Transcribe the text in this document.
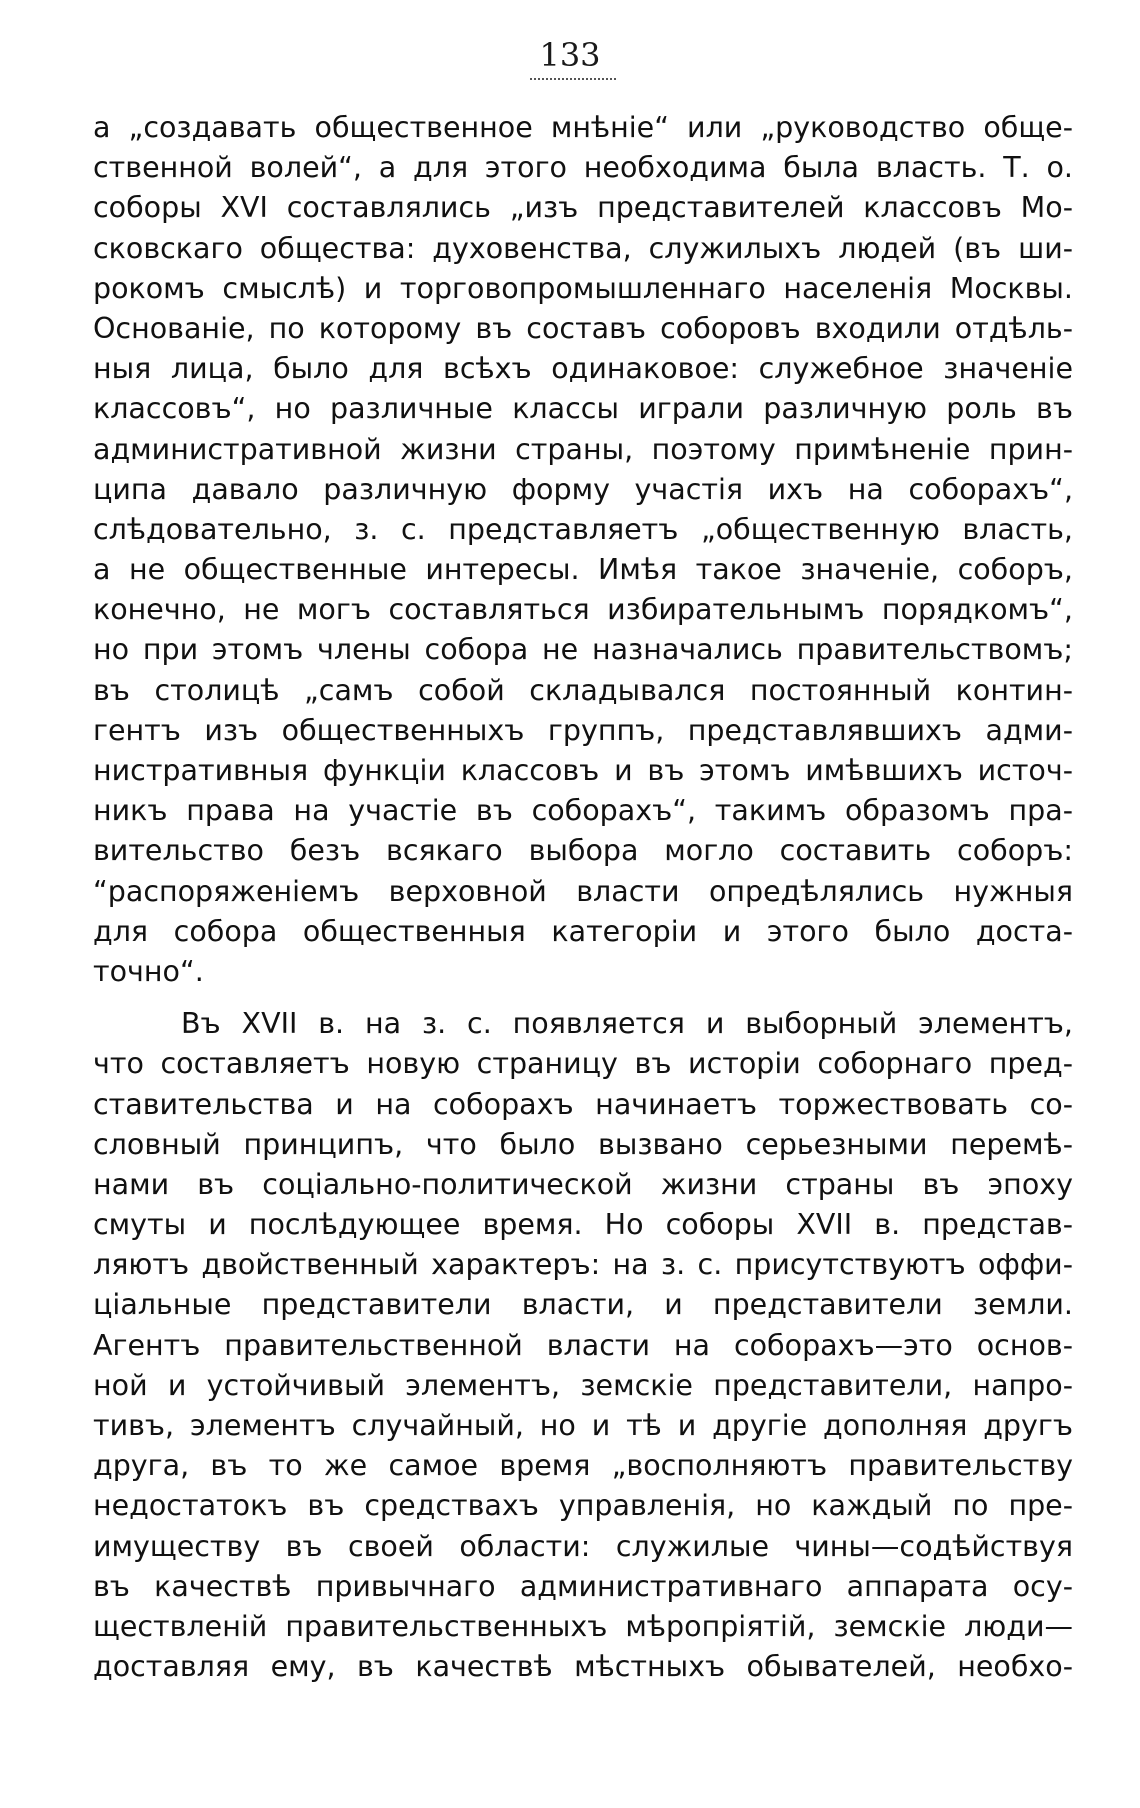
133
а „создавать общественное мнѣніе“ или „руководство обще-
ственной волей“, а для этого необходима была власть. Т. о.
соборы XVI составлялись „изъ представителей классовъ Мо-
сковскаго общества: духовенства, служилыхъ людей (въ ши-
рокомъ смыслѣ) и торговопромышленнаго населенія Москвы.
Основаніе, по которому въ составъ соборовъ входили отдѣль-
ныя лица, было для всѣхъ одинаковое: служебное значеніе
классовъ“, но различные классы играли различную роль въ
административной жизни страны, поэтому примѣненіе прин-
ципа давало различную форму участія ихъ на соборахъ“,
слѣдовательно, з. с. представляетъ „общественную власть,
а не общественные интересы. Имѣя такое значеніе, соборъ,
конечно, не могъ составляться избирательнымъ порядкомъ“,
но при этомъ члены собора не назначались правительствомъ;
въ столицѣ „самъ собой складывался постоянный контин-
гентъ изъ общественныхъ группъ, представлявшихъ адми-
нистративныя функціи классовъ и въ этомъ имѣвшихъ источ-
никъ права на участіе въ соборахъ“, такимъ образомъ пра-
вительство безъ всякаго выбора могло составить соборъ:
“распоряженіемъ верховной власти опредѣлялись нужныя
для собора общественныя категоріи и этого было доста-
точно“.
Въ XVII в. на з. с. появляется и выборный элементъ,
что составляетъ новую страницу въ исторіи соборнаго пред-
ставительства и на соборахъ начинаетъ торжествовать со-
словный принципъ, что было вызвано серьезными перемѣ-
нами въ соціально-политической жизни страны въ эпоху
смуты и послѣдующее время. Но соборы XVII в. представ-
ляютъ двойственный характеръ: на з. с. присутствуютъ оффи-
ціальные представители власти, и представители земли.
Агентъ правительственной власти на соборахъ—это основ-
ной и устойчивый элементъ, земскіе представители, напро-
тивъ, элементъ случайный, но и тѣ и другіе дополняя другъ
друга, въ то же самое время „восполняютъ правительству
недостатокъ въ средствахъ управленія, но каждый по пре-
имуществу въ своей области: служилые чины—содѣйствуя
въ качествѣ привычнаго административнаго аппарата осу-
ществленій правительственныхъ мѣропріятій, земскіе люди—
доставляя ему, въ качествѣ мѣстныхъ обывателей, необхо-
